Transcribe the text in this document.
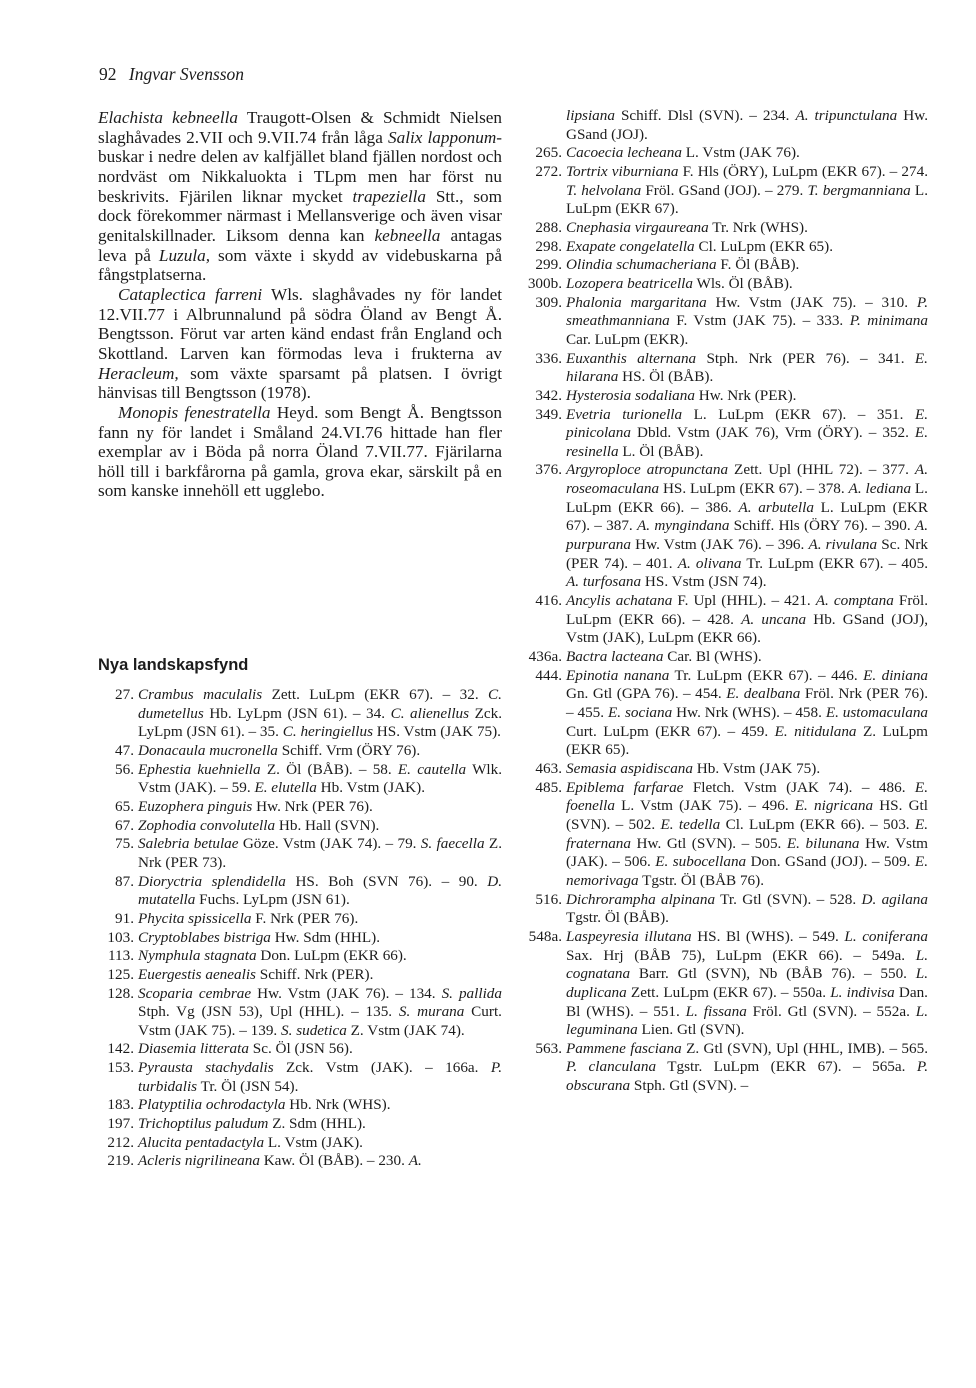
92 Ingvar Svensson

Elachista kebneella Traugott-Olsen & Schmidt Nielsen slaghåvades 2.VII och 9.VII.74 från låga Salix lapponum-buskar i nedre delen av kalfjället bland fjällen nordost och nordväst om Nikkaluokta i TLpm men har först nu beskrivits. Fjärilen liknar mycket trapeziella Stt., som dock förekommer närmast i Mellansverige och även visar genitalskillnader. Liksom denna kan kebneella antagas leva på Luzula, som växte i skydd av videbuskarna på fångstplatserna.

Cataplectica farreni Wls. slaghåvades ny för landet 12.VII.77 i Albrunnalund på södra Öland av Bengt Å. Bengtsson. Förut var arten känd endast från England och Skottland. Larven kan förmodas leva i frukterna av Heracleum, som växte sparsamt på platsen. I övrigt hänvisas till Bengtsson (1978).

Monopis fenestratella Heyd. som Bengt Å. Bengtsson fann ny för landet i Småland 24.VI.76 hittade han fler exemplar av i Böda på norra Öland 7.VII.77. Fjärilarna höll till i barkfårorna på gamla, grova ekar, särskilt på en som kanske innehöll ett ugglebo.

Nya landskapsfynd
27. Crambus maculalis Zett. LuLpm (EKR 67). – 32. C. dumetellus Hb. LyLpm (JSN 61). – 34. C. alienellus Zck. LyLpm (JSN 61). – 35. C. heringiellus HS. Vstm (JAK 75).
47. Donacaula mucronella Schiff. Vrm (ÖRY 76).
56. Ephestia kuehniella Z. Öl (BÅB). – 58. E. cautella Wlk. Vstm (JAK). – 59. E. elutella Hb. Vstm (JAK).
65. Euzophera pinguis Hw. Nrk (PER 76).
67. Zophodia convolutella Hb. Hall (SVN).
75. Salebria betulae Göze. Vstm (JAK 74). – 79. S. faecella Z. Nrk (PER 73).
87. Dioryctria splendidella HS. Boh (SVN 76). – 90. D. mutatella Fuchs. LyLpm (JSN 61).
91. Phycita spissicella F. Nrk (PER 76).
103. Cryptoblabes bistriga Hw. Sdm (HHL).
113. Nymphula stagnata Don. LuLpm (EKR 66).
125. Euergestis aenealis Schiff. Nrk (PER).
128. Scoparia cembrae Hw. Vstm (JAK 76). – 134. S. pallida Stph. Vg (JSN 53), Upl (HHL). – 135. S. murana Curt. Vstm (JAK 75). – 139. S. sudetica Z. Vstm (JAK 74).
142. Diasemia litterata Sc. Öl (JSN 56).
153. Pyrausta stachydalis Zck. Vstm (JAK). – 166a. P. turbidalis Tr. Öl (JSN 54).
183. Platyptilia ochrodactyla Hb. Nrk (WHS).
197. Trichoptilus paludum Z. Sdm (HHL).
212. Alucita pentadactyla L. Vstm (JAK).
219. Acleris nigrilineana Kaw. Öl (BÅB). – 230. A.
lipsiana Schiff. Dlsl (SVN). – 234. A. tripunctulana Hw. GSand (JOJ).
265. Cacoecia lecheana L. Vstm (JAK 76).
272. Tortrix viburniana F. Hls (ÖRY), LuLpm (EKR 67). – 274. T. helvolana Fröl. GSand (JOJ). – 279. T. bergmanniana L. LuLpm (EKR 67).
288. Cnephasia virgaureana Tr. Nrk (WHS).
298. Exapate congelatella Cl. LuLpm (EKR 65).
299. Olindia schumacheriana F. Öl (BÅB).
300b. Lozopera beatricella Wls. Öl (BÅB).
309. Phalonia margaritana Hw. Vstm (JAK 75). – 310. P. smeathmanniana F. Vstm (JAK 75). – 333. P. minimana Car. LuLpm (EKR).
336. Euxanthis alternana Stph. Nrk (PER 76). – 341. E. hilarana HS. Öl (BÅB).
342. Hysterosia sodaliana Hw. Nrk (PER).
349. Evetria turionella L. LuLpm (EKR 67). – 351. E. pinicolana Dbld. Vstm (JAK 76), Vrm (ÖRY). – 352. E. resinella L. Öl (BÅB).
376. Argyroploce atropunctana Zett. Upl (HHL 72). – 377. A. roseomaculana HS. LuLpm (EKR 67). – 378. A. lediana L. LuLpm (EKR 66). – 386. A. arbutella L. LuLpm (EKR 67). – 387. A. myngindana Schiff. Hls (ÖRY 76). – 390. A. purpurana Hw. Vstm (JAK 76). – 396. A. rivulana Sc. Nrk (PER 74). – 401. A. olivana Tr. LuLpm (EKR 67). – 405. A. turfosana HS. Vstm (JSN 74).
416. Ancylis achatana F. Upl (HHL). – 421. A. comptana Fröl. LuLpm (EKR 66). – 428. A. uncana Hb. GSand (JOJ), Vstm (JAK), LuLpm (EKR 66).
436a. Bactra lacteana Car. Bl (WHS).
444. Epinotia nanana Tr. LuLpm (EKR 67). – 446. E. diniana Gn. Gtl (GPA 76). – 454. E. dealbana Fröl. Nrk (PER 76). – 455. E. sociana Hw. Nrk (WHS). – 458. E. ustomaculana Curt. LuLpm (EKR 67). – 459. E. nitidulana Z. LuLpm (EKR 65).
463. Semasia aspidiscana Hb. Vstm (JAK 75).
485. Epiblema farfarae Fletch. Vstm (JAK 74). – 486. E. foenella L. Vstm (JAK 75). – 496. E. nigricana HS. Gtl (SVN). – 502. E. tedella Cl. LuLpm (EKR 66). – 503. E. fraternana Hw. Gtl (SVN). – 505. E. bilunana Hw. Vstm (JAK). – 506. E. subocellana Don. GSand (JOJ). – 509. E. nemorivaga Tgstr. Öl (BÅB 76).
516. Dichrorampha alpinana Tr. Gtl (SVN). – 528. D. agilana Tgstr. Öl (BÅB).
548a. Laspeyresia illutana HS. Bl (WHS). – 549. L. coniferana Sax. Hrj (BÅB 75), LuLpm (EKR 66). – 549a. L. cognatana Barr. Gtl (SVN), Nb (BÅB 76). – 550. L. duplicana Zett. LuLpm (EKR 67). – 550a. L. indivisa Dan. Bl (WHS). – 551. L. fissana Fröl. Gtl (SVN). – 552a. L. leguminana Lien. Gtl (SVN).
563. Pammene fasciana Z. Gtl (SVN), Upl (HHL, IMB). – 565. P. clanculana Tgstr. LuLpm (EKR 67). – 565a. P. obscurana Stph. Gtl (SVN). –
